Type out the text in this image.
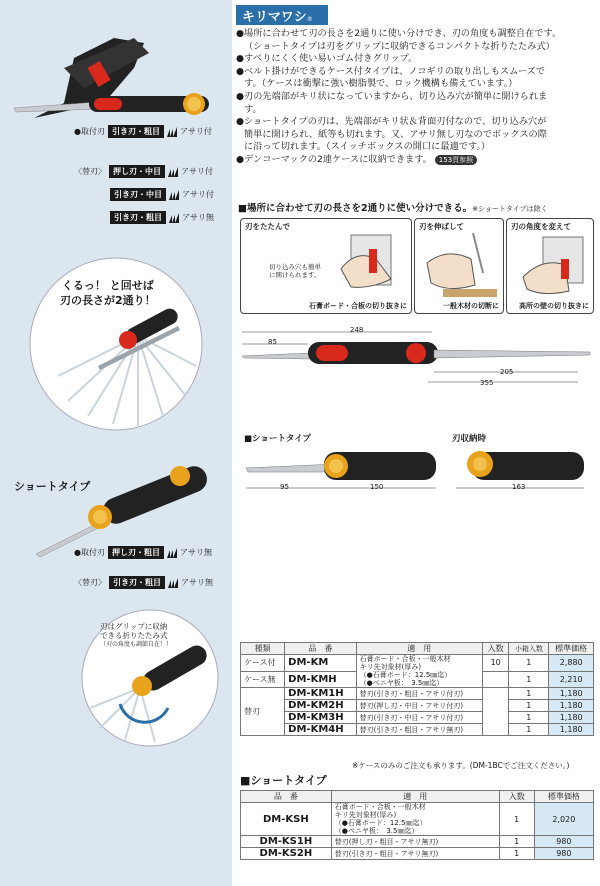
●取付刃 引き刃・粗目	アサリ付
〈替刃〉 押し刃・中目	アサリ付
引き刃・中目	アサリ付
引き刃・粗目	アサリ無
くるっ！ と回せば
刃の長さが2通り！
ショートタイプ
●取付刃 押し刃・粗目	アサリ無
〈替刃〉 引き刃・粗目	アサリ無
刃はグリップに収納
できる折りたたみ式
（刃の角度も調節自在！）
キリマワシ®

●場所に合わせて刃の長さを2通りに使い分けでき、刃の角度も調整自在です。

（ショートタイプは刃をグリップに収納できるコンパクトな折りたたみ式）

●すべりにくく使い易いゴム付きグリップ。

●ベルト掛けができるケース付タイプは、ノコギリの取り出しもスムーズで

す。（ケースは衝撃に強い樹脂製で、ロック機構も備えています。）

●刃の先端部がキリ状になっていますから、切り込み穴が簡単に開けられま

す。

●ショートタイプの刃は、先端部がキリ状＆背面刃付なので、切り込み穴が

簡単に開けられ、紙等も切れます。又、アサリ無し刃なのでボックスの際

に沿って切れます。（スイッチボックスの開口に最適です。）

●デンコーマックの2連ケースに収納できます。 153頁参照

■場所に合わせて刃の長さを2通りに使い分けできる。※ショートタイプは除く
刃をたたんで
切り込み穴も簡単に開けられます。
石膏ボード・合板の切り抜きに
刃を伸ばして
一般木材の切断に
刃の角度を変えて
高所の壁の切り抜きに
248
85
205
355
■ショートタイプ	刃収納時
95	150	163
種類	品　番	適　用	入数	小箱入数	標準価格
ケース付	DM-KM	石膏ボード・合板・一般木材
キリ先対象材(厚み)
（●石膏ボード：12.5㎜迄）
（●ベニヤ板：　3.5㎜迄）	10	1	2,880
ケース無	DM-KMH			1	2,210
替刃	DM-KM1H	替刃(引き刃・粗目・アサリ付刃)		1	1,180
	DM-KM2H	替刃(押し刃・中目・アサリ付刃)		1	1,180
	DM-KM3H	替刃(引き刃・中目・アサリ付刃)		1	1,180
	DM-KM4H	替刃(引き刃・粗目・アサリ無刃)		1	1,180
※ケースのみのご注文も承ります。(DM-1BCでご注文ください。)
■ショートタイプ
品　番	適　用	入数	標準価格
DM-KSH	石膏ボード・合板・一般木材
キリ先対象材(厚み)
（●石膏ボード：12.5㎜迄）
（●ベニヤ板：　3.5㎜迄）	1	2,020
DM-KS1H	替刃(押し刃・粗目・アサリ無刃)	1	980
DM-KS2H	替刃(引き刃・粗目・アサリ無刃)	1	980
